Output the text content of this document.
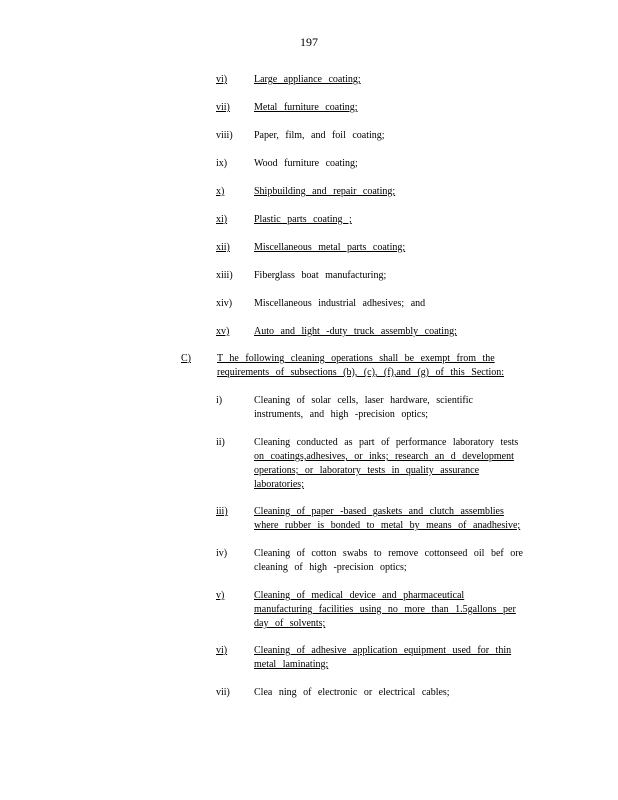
197
vi)	Large appliance coating;
vii) Metal furniture coating;
viii) Paper, film, and foil coating;
ix)	Wood furniture coating;
x)	Shipbuilding and repair coating;
xi)	Plastic parts coating ;
xii) Miscellaneous metal parts coating;
xiii) Fiberglass boat manufacturing;
xiv) Miscellaneous industrial adhesives; and
xv) Auto and light -duty truck assembly coating;
C)	T he following cleaning operations shall be exempt from the
requirements of subsections (b), (c), (f),and (g) of this Section:
i)	Cleaning of solar cells, laser hardware, scientific
instruments, and high -precision optics;
ii)	Cleaning conducted as part of performance laboratory tests
on coatings,adhesives, or inks; research an d development
operations; or laboratory tests in quality assurance
laboratories;
iii)	Cleaning of paper -based gaskets and clutch assemblies
where rubber is bonded to metal by means of anadhesive;
iv)	Cleaning of cotton swabs to remove cottonseed oil bef ore
cleaning of high -precision optics;
v)	Cleaning of medical device and pharmaceutical
manufacturing facilities using no more than 1.5gallons per
day of solvents;
vi)	Cleaning of adhesive application equipment used for thin
metal laminating;
vii) Clea ning of electronic or electrical cables;
